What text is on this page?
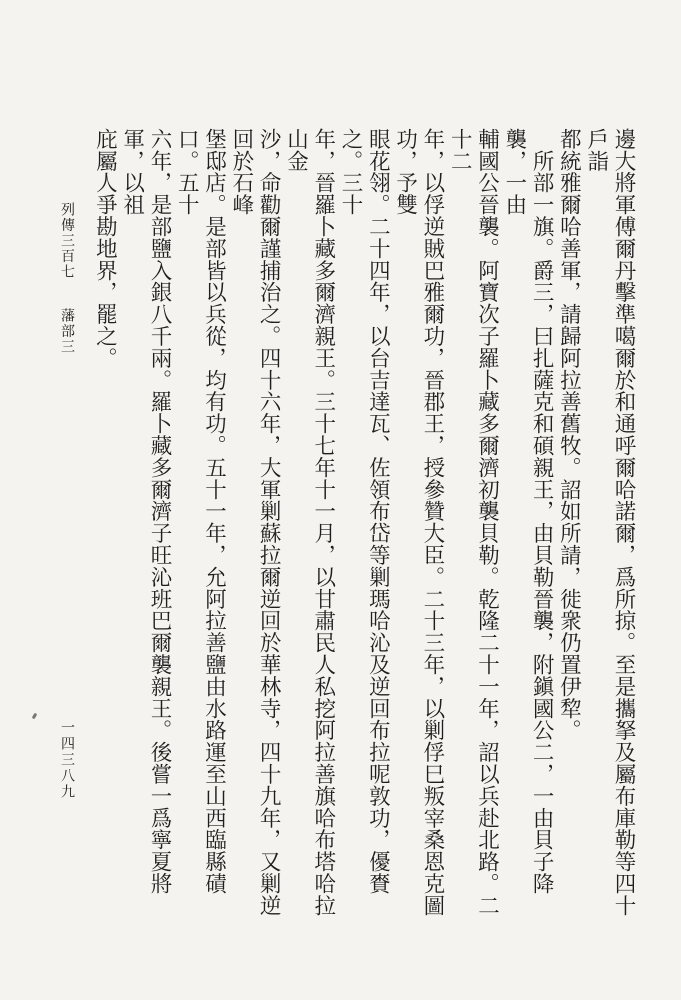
邊大將軍傅爾丹擊準噶爾於和通呼爾哈諾爾，爲所掠。至是攜拏及屬布庫勒等四十戶詣
都統雅爾哈善軍，請歸阿拉善舊牧。詔如所請，徙衆仍置伊犂。
　所部一旗。爵三，曰扎薩克和碩親王，由貝勒晉襲，附鎭國公二，一由貝子降襲，一由
輔國公晉襲。阿寶次子羅卜藏多爾濟初襲貝勒。乾隆二十一年，詔以兵赴北路。二十二
年，以俘逆賊巴雅爾功，晉郡王，授參贊大臣。二十三年，以剿俘巳叛宰桑恩克圖功，予雙
眼花翎。二十四年，以台吉達瓦、佐領布岱等剿瑪哈沁及逆回布拉呢敦功，優賚之。三十
年，晉羅卜藏多爾濟親王。三十七年十一月，以甘肅民人私挖阿拉善旗哈布塔哈拉山金
沙，命勸爾謹捕治之。四十六年，大軍剿蘇拉爾逆回於華林寺，四十九年，又剿逆回於石峰
堡邸店。是部皆以兵從，均有功。五十一年，允阿拉善鹽由水路運至山西臨縣磧口。五十
六年，是部鹽入銀八千兩。羅卜藏多爾濟子旺沁班巴爾襲親王。後嘗一爲寧夏將軍，以祖
庇屬人爭勘地界，罷之。
列傳三百七藩部三
一四三八九
